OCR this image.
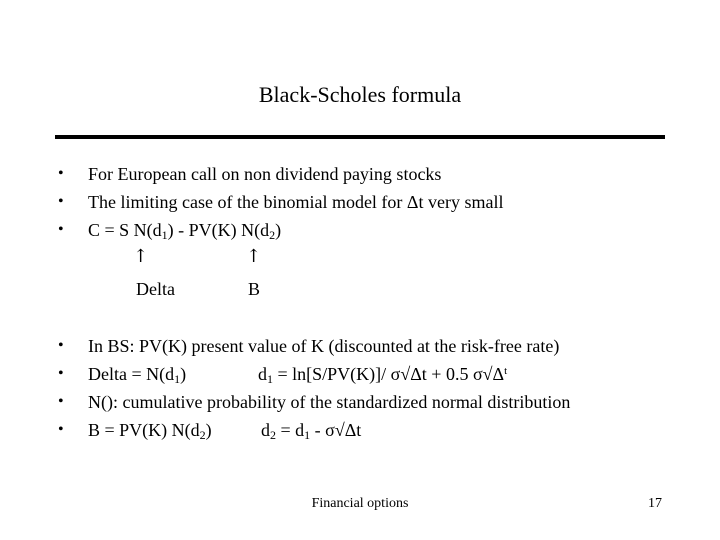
Black-Scholes formula
•	For European call on non dividend paying stocks
•	The limiting case of the binomial model for Δt very small
•	C = S $N(d_1) - PV(K)$ $N(d_2)$
↑	↑
Delta	B
•	In BS: PV(K) present value of K (discounted at the risk-free rate)
•	Delta = $N(d_1)$	$d_1 = \ln[S/PV(K)]/$ σ√Δt + 0.5 $\sigma√\Delta^t$
•	N(): cumulative probability of the standardized normal distribution
•	B = PV(K) $N(d_2)$	$d_2 = d_1 - \sigma√\Delta t$
Financial options	17
